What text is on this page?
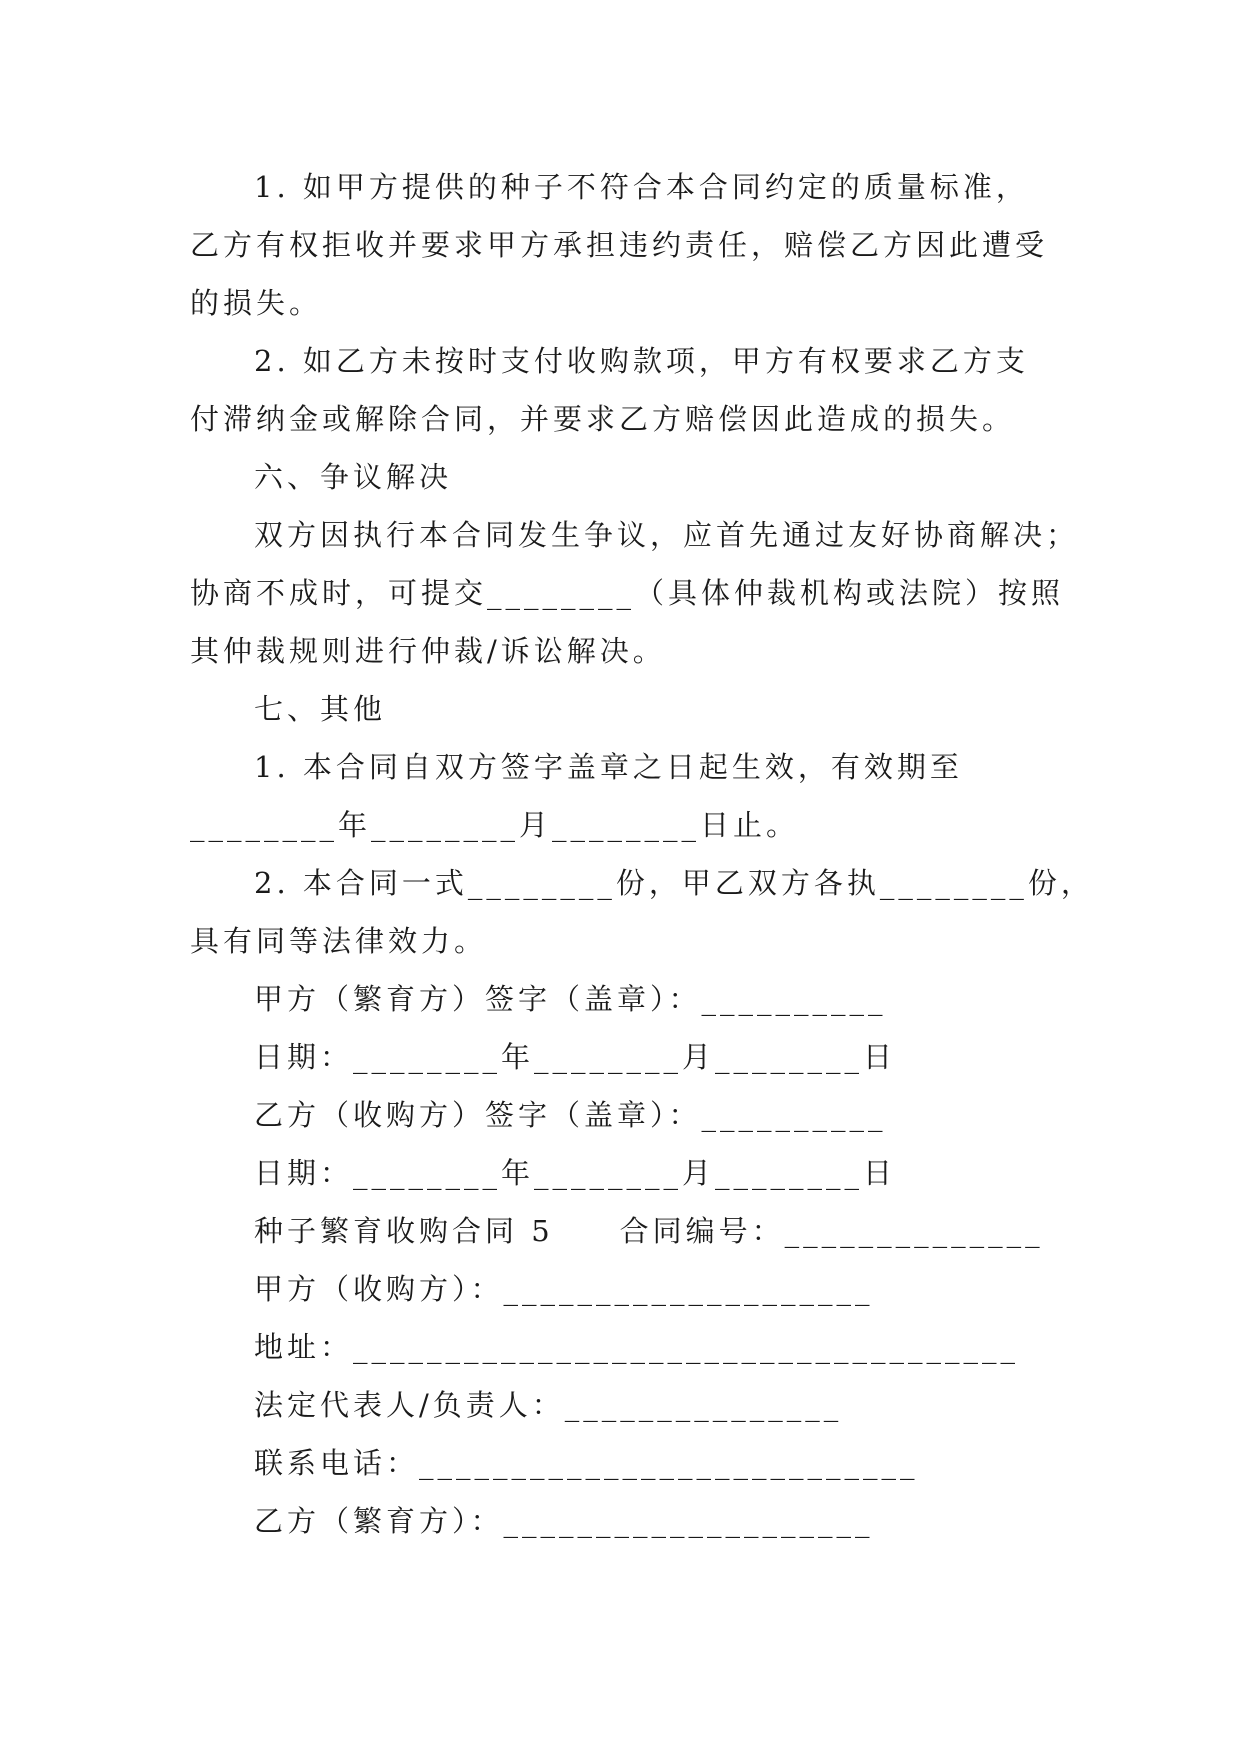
1. 如甲方提供的种子不符合本合同约定的质量标准，

乙方有权拒收并要求甲方承担违约责任，赔偿乙方因此遭受

的损失。

2. 如乙方未按时支付收购款项，甲方有权要求乙方支

付滞纳金或解除合同，并要求乙方赔偿因此造成的损失。

六、争议解决

双方因执行本合同发生争议，应首先通过友好协商解决；

协商不成时，可提交________（具体仲裁机构或法院）按照

其仲裁规则进行仲裁/诉讼解决。

七、其他

1. 本合同自双方签字盖章之日起生效，有效期至

________年________月________日止。

2. 本合同一式________份，甲乙双方各执________份，

具有同等法律效力。

甲方（繁育方）签字（盖章）：__________

日期：________年________月________日

乙方（收购方）签字（盖章）：__________

日期：________年________月________日

种子繁育收购合同 5　　合同编号：______________

甲方（收购方）：____________________

地址：____________________________________

法定代表人/负责人：_______________

联系电话：___________________________

乙方（繁育方）：____________________
